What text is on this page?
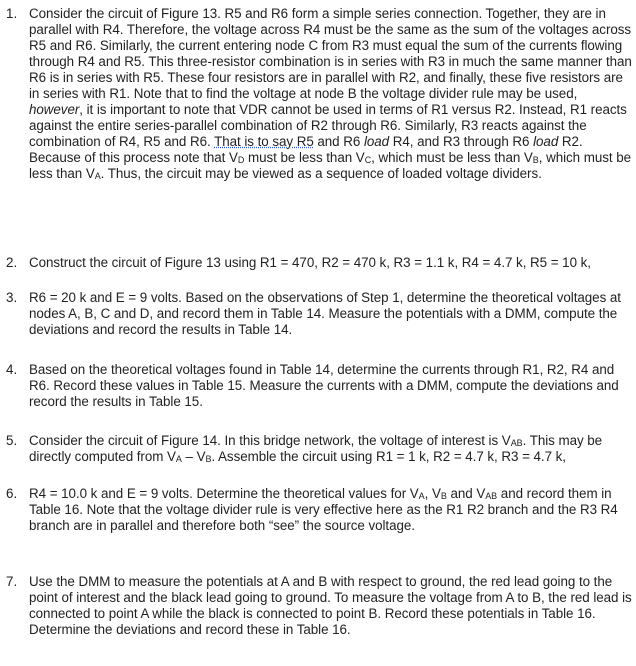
1. Consider the circuit of Figure 13. R5 and R6 form a simple series connection. Together, they are in parallel with R4. Therefore, the voltage across R4 must be the same as the sum of the voltages across R5 and R6. Similarly, the current entering node C from R3 must equal the sum of the currents flowing through R4 and R5. This three-resistor combination is in series with R3 in much the same manner than R6 is in series with R5. These four resistors are in parallel with R2, and finally, these five resistors are in series with R1. Note that to find the voltage at node B the voltage divider rule may be used, however, it is important to note that VDR cannot be used in terms of R1 versus R2. Instead, R1 reacts against the entire series-parallel combination of R2 through R6. Similarly, R3 reacts against the combination of R4, R5 and R6. That is to say R5 and R6 load R4, and R3 through R6 load R2. Because of this process note that $V_D$ must be less than $V_C$, which must be less than $V_B$, which must be less than $V_A$. Thus, the circuit may be viewed as a sequence of loaded voltage dividers.

2. Construct the circuit of Figure 13 using R1 = 470, R2 = 470 k, R3 = 1.1 k, R4 = 4.7 k, R5 = 10 k,
3. R6 = 20 k and E = 9 volts. Based on the observations of Step 1, determine the theoretical voltages at nodes A, B, C and D, and record them in Table 14. Measure the potentials with a DMM, compute the deviations and record the results in Table 14.
4. Based on the theoretical voltages found in Table 14, determine the currents through R1, R2, R4 and R6. Record these values in Table 15. Measure the currents with a DMM, compute the deviations and record the results in Table 15.
5. Consider the circuit of Figure 14. In this bridge network, the voltage of interest is $V_{AB}$. This may be directly computed from $V_A - V_B$. Assemble the circuit using R1 = 1 k, R2 = 4.7 k, R3 = 4.7 k,

6. R4 = 10.0 k and E = 9 volts. Determine the theoretical values for $V_A$, $V_B$ and $V_{AB}$ and record them in Table 16. Note that the voltage divider rule is very effective here as the R1 R2 branch and the R3 R4 branch are in parallel and therefore both “see” the source voltage.

7. Use the DMM to measure the potentials at A and B with respect to ground, the red lead going to the point of interest and the black lead going to ground. To measure the voltage from A to B, the red lead is connected to point A while the black is connected to point B. Record these potentials in Table 16. Determine the deviations and record these in Table 16.
